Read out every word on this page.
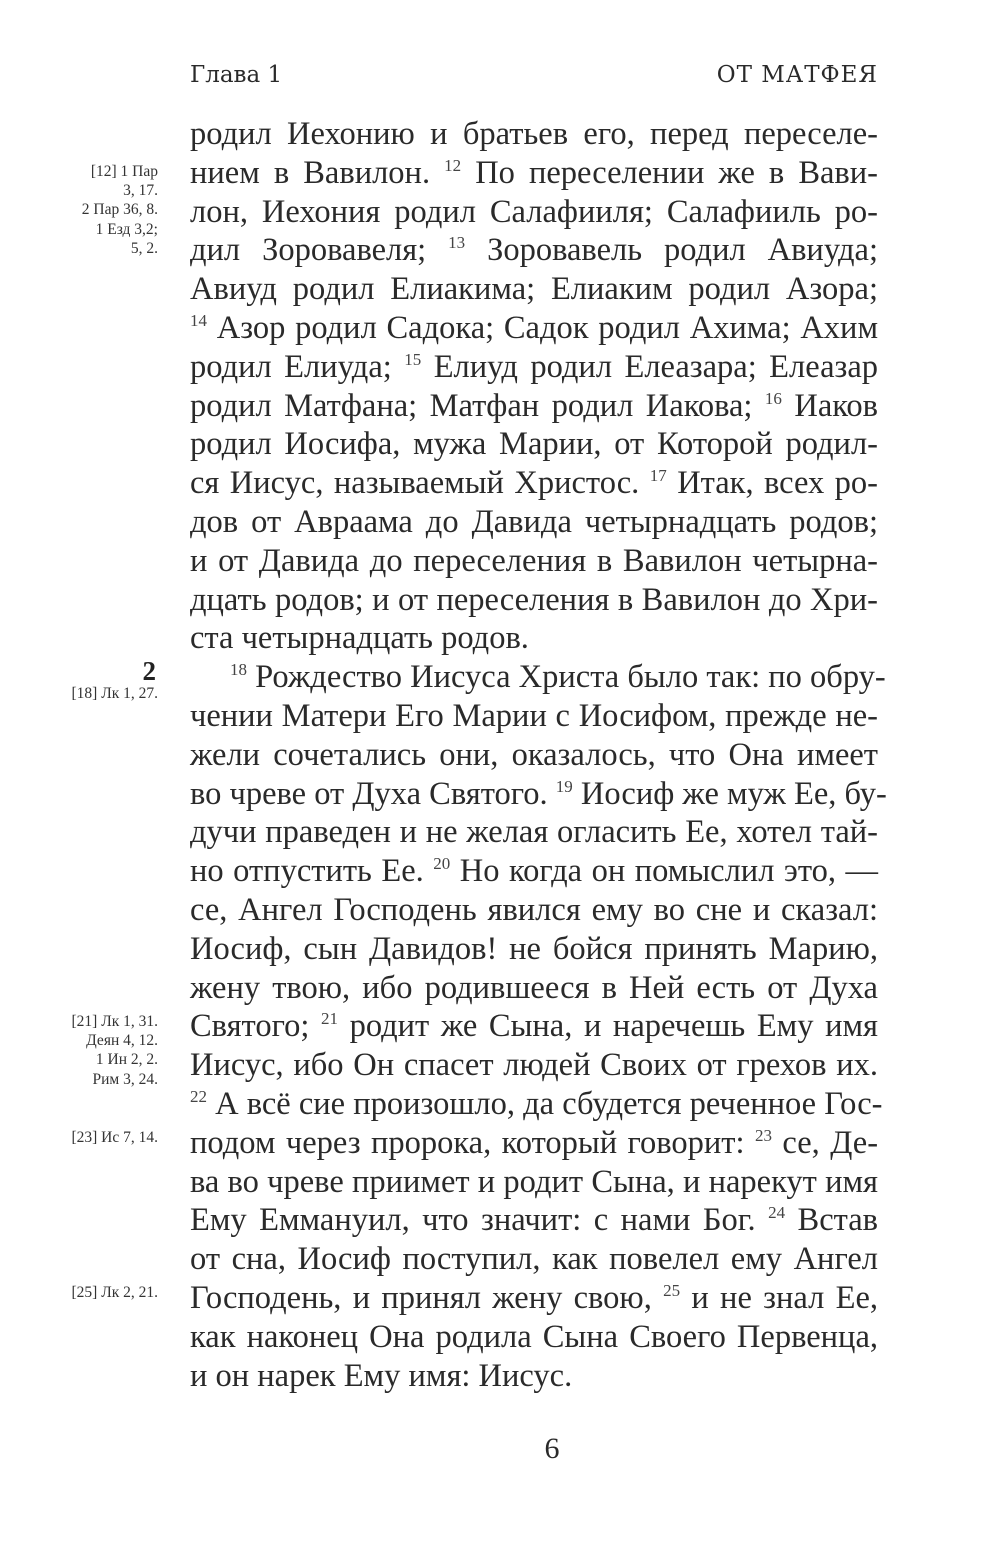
Глава 1	ОТ МАТФЕЯ
[12] 1 Пар
3, 17.
2 Пар 36, 8.
1 Езд 3,2;
5, 2.
2
[18] Лк 1, 27.
[21] Лк 1, 31.
Деян 4, 12.
1 Ин 2, 2.
Рим 3, 24.
[23] Ис 7, 14.
[25] Лк 2, 21.
родил Иехонию и братьев его, перед переселе-
нием в Вавилон. $^{12}$ По переселении же в Вави-
лон, Иехония родил Салафииля; Салафииль ро-
дил Зоровавеля; $^{13}$ Зоровавель родил Авиуда;
Авиуд родил Елиакима; Елиаким родил Азора;
$^{14}$ Азор родил Садока; Садок родил Ахима; Ахим
родил Елиуда; $^{15}$ Елиуд родил Елеазара; Елеазар
родил Матфана; Матфан родил Иакова; $^{16}$ Иаков
родил Иосифа, мужа Марии, от Которой родил-
ся Иисус, называемый Христос. $^{17}$ Итак, всех ро-
дов от Авраама до Давида четырнадцать родов;
и от Давида до переселения в Вавилон четырна-
дцать родов; и от переселения в Вавилон до Хри-
ста четырнадцать родов.
$^{18}$ Рождество Иисуса Христа было так: по обру-
чении Матери Его Марии с Иосифом, прежде не-
жели сочетались они, оказалось, что Она имеет
во чреве от Духа Святого. $^{19}$ Иосиф же муж Ее, бу-
дучи праведен и не желая огласить Ее, хотел тай-
но отпустить Ее. $^{20}$ Но когда он помыслил это, —
се, Ангел Господень явился ему во сне и сказал:
Иосиф, сын Давидов! не бойся принять Марию,
жену твою, ибо родившееся в Ней есть от Духа
Святого; $^{21}$ родит же Сына, и наречешь Ему имя
Иисус, ибо Он спасет людей Своих от грехов их.
$^{22}$ А всё сие произошло, да сбудется реченное Гос-
подом через пророка, который говорит: $^{23}$ се, Де-
ва во чреве приимет и родит Сына, и нарекут имя
Ему Еммануил, что значит: с нами Бог. $^{24}$ Встав
от сна, Иосиф поступил, как повелел ему Ангел
Господень, и принял жену свою, $^{25}$ и не знал Ее,
как наконец Она родила Сына Своего Первенца,
и он нарек Ему имя: Иисус.
6
